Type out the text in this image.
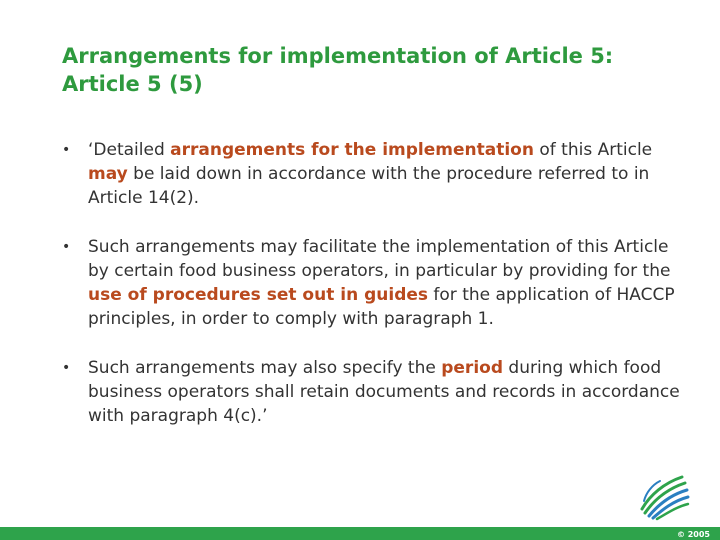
Arrangements for implementation of Article 5:
Article 5 (5)
• ‘Detailed arrangements for the implementation of this Article may be laid down in accordance with the procedure referred to in Article 14(2).
• Such arrangements may facilitate the implementation of this Article by certain food business operators, in particular by providing for the use of procedures set out in guides for the application of HACCP principles, in order to comply with paragraph 1.
• Such arrangements may also specify the period during which food business operators shall retain documents and records in accordance with paragraph 4(c).’
© 2005
